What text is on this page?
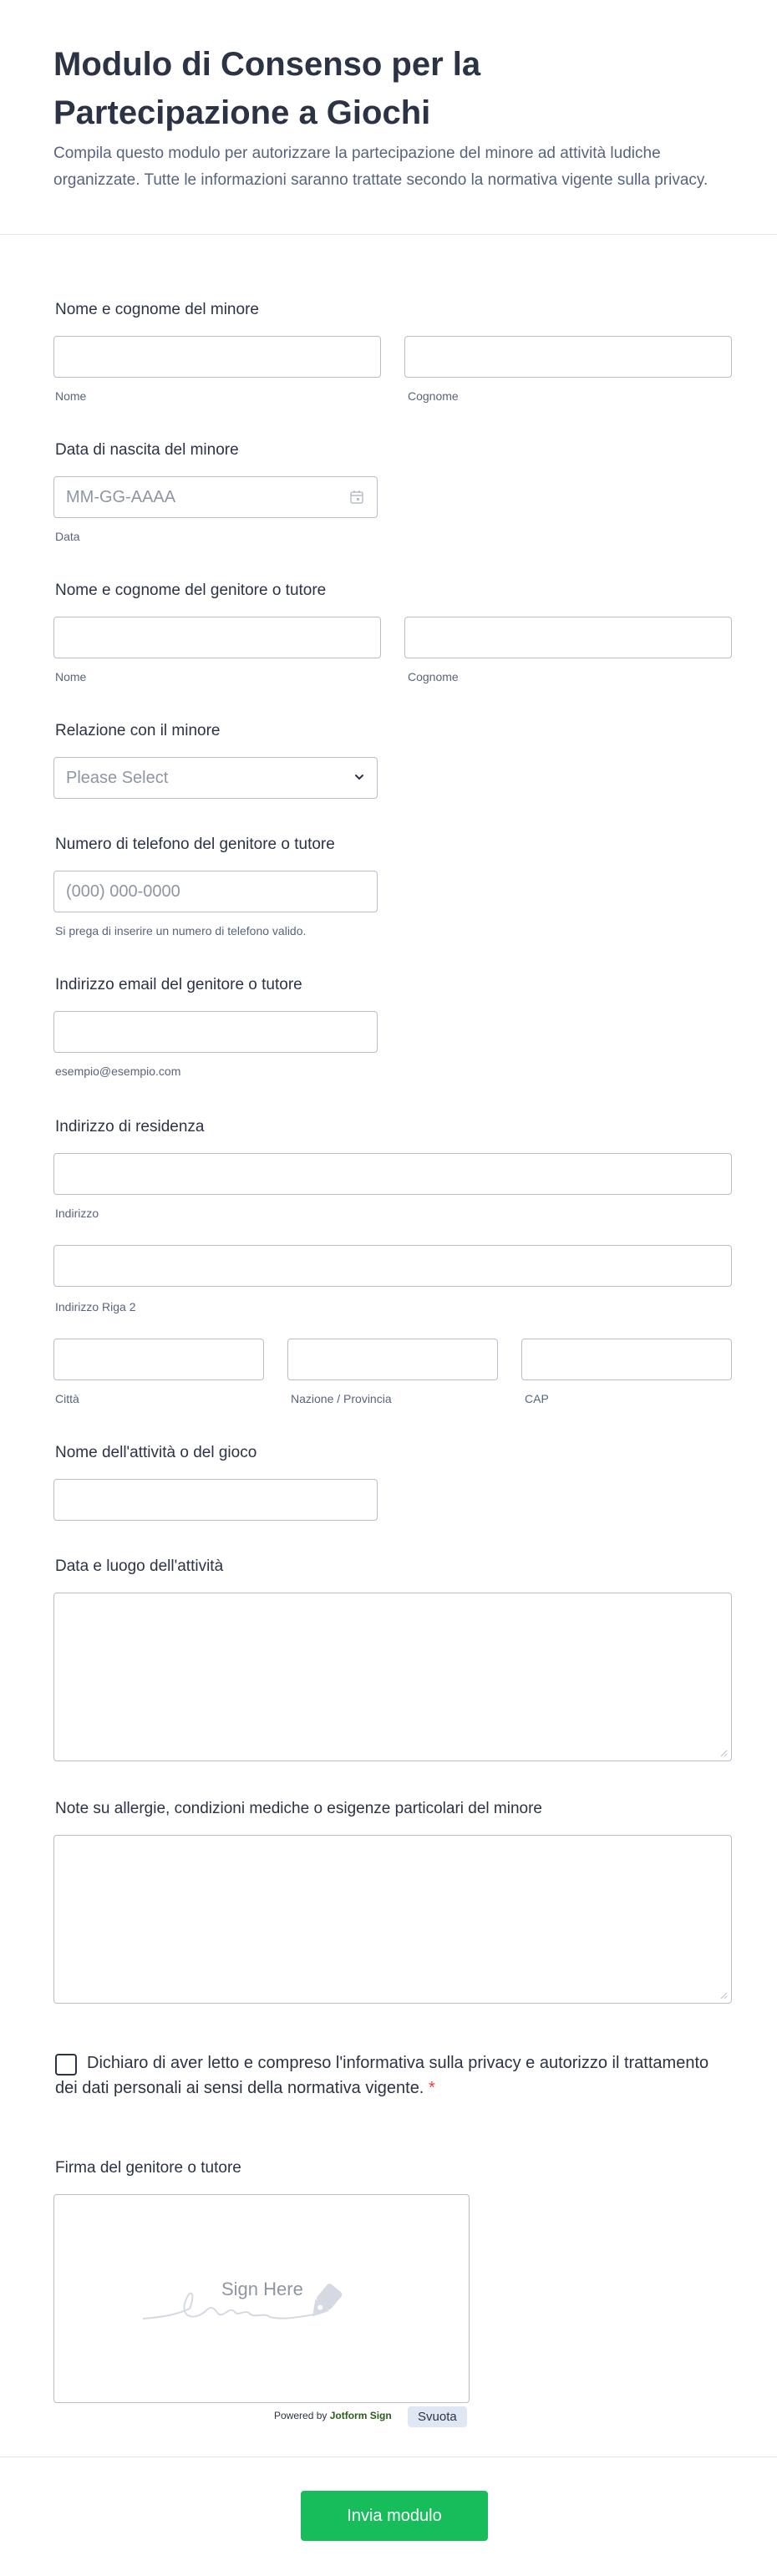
Modulo di Consenso per la Partecipazione a Giochi

Compila questo modulo per autorizzare la partecipazione del minore ad attività ludiche organizzate. Tutte le informazioni saranno trattate secondo la normativa vigente sulla privacy.

Nome e cognome del minore
Nome	Cognome
Data di nascita del minore
MM-GG-AAAA
Data
Nome e cognome del genitore o tutore
Nome	Cognome
Relazione con il minore
Please Select
Numero di telefono del genitore o tutore
(000) 000-0000
Si prega di inserire un numero di telefono valido.
Indirizzo email del genitore o tutore
esempio@esempio.com
Indirizzo di residenza
Indirizzo
Indirizzo Riga 2
Città	Nazione / Provincia	CAP
Nome dell'attività o del gioco
Data e luogo dell'attività
Note su allergie, condizioni mediche o esigenze particolari del minore

Dichiaro di aver letto e compreso l'informativa sulla privacy e autorizzo il trattamento dei dati personali ai sensi della normativa vigente. *

Firma del genitore o tutore
Sign Here
Powered by Jotform Sign	Svuota
Invia modulo
